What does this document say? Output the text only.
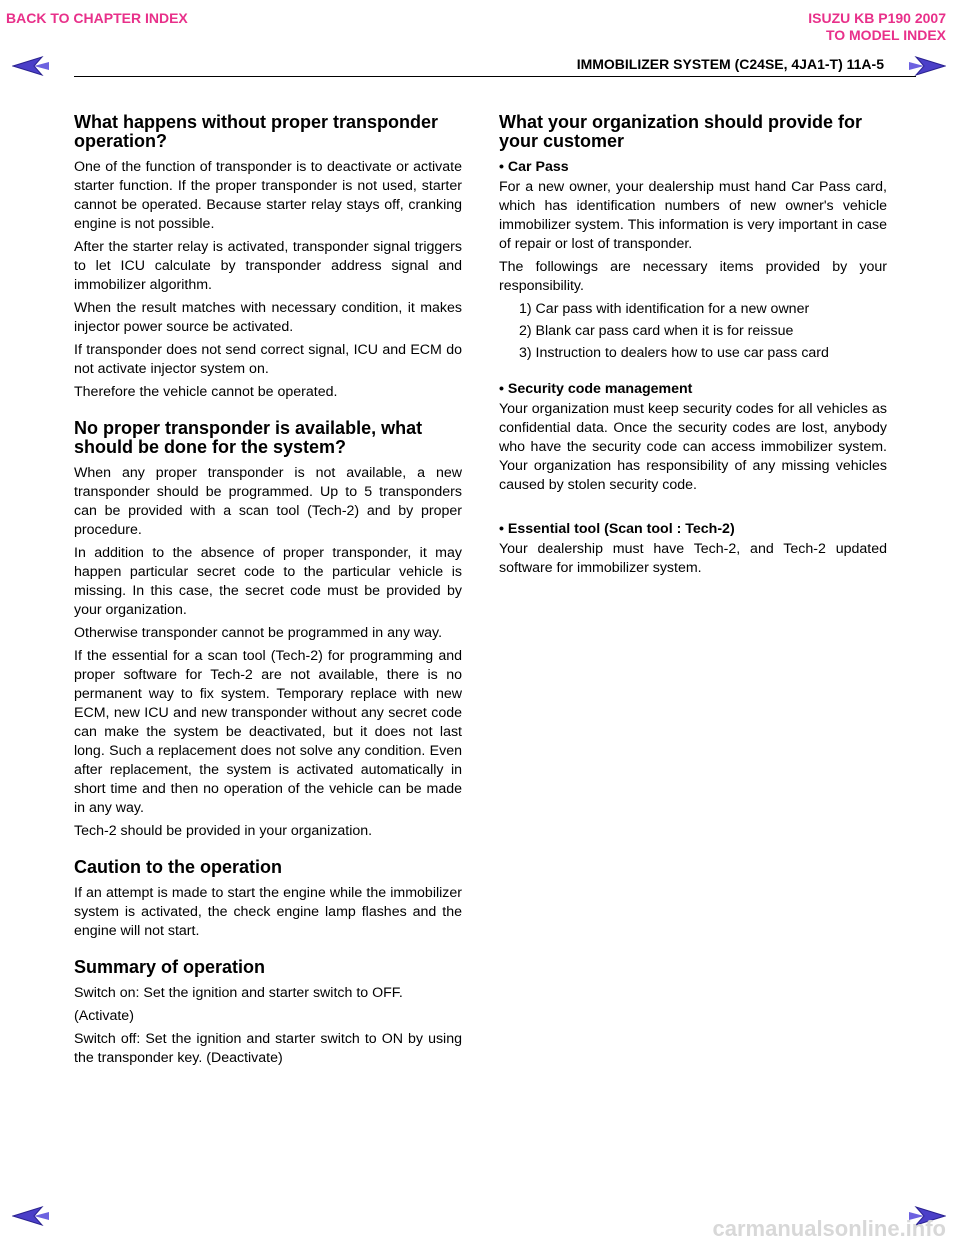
BACK TO CHAPTER INDEX	ISUZU KB P190 2007
TO MODEL INDEX
IMMOBILIZER SYSTEM (C24SE, 4JA1-T) 11A-5
What happens without proper transponder operation?

One of the function of transponder is to deactivate or activate starter function. If the proper transponder is not used, starter cannot be operated. Because starter relay stays off, cranking engine is not possible.

After the starter relay is activated, transponder signal triggers to let ICU calculate by transponder address signal and immobilizer algorithm.

When the result matches with necessary condition, it makes injector power source be activated.

If transponder does not send correct signal, ICU and ECM do not activate injector system on.

Therefore the vehicle cannot be operated.

No proper transponder is available, what should be done for the system?

When any proper transponder is not available, a new transponder should be programmed. Up to 5 transponders can be provided with a scan tool (Tech-2) and by proper procedure.

In addition to the absence of proper transponder, it may happen particular secret code to the particular vehicle is missing. In this case, the secret code must be provided by your organization.

Otherwise transponder cannot be programmed in any way.

If the essential for a scan tool (Tech-2) for programming and proper software for Tech-2 are not available, there is no permanent way to fix system. Temporary replace with new ECM, new ICU and new transponder without any secret code can make the system be deactivated, but it does not last long. Such a replacement does not solve any condition. Even after replacement, the system is activated automatically in short time and then no operation of the vehicle can be made in any way.

Tech-2 should be provided in your organization.

Caution to the operation

If an attempt is made to start the engine while the immobilizer system is activated, the check engine lamp flashes and the engine will not start.

Summary of operation

Switch on: Set the ignition and starter switch to OFF.

(Activate)

Switch off: Set the ignition and starter switch to ON by using the transponder key. (Deactivate)

What your organization should provide for your customer
• Car Pass

For a new owner, your dealership must hand Car Pass card, which has identification numbers of new owner's vehicle immobilizer system. This information is very important in case of repair or lost of transponder.

The followings are necessary items provided by your responsibility.

1) Car pass with identification for a new owner
2) Blank car pass card when it is for reissue
3) Instruction to dealers how to use car pass card
• Security code management

Your organization must keep security codes for all vehicles as confidential data. Once the security codes are lost, anybody who have the security code can access immobilizer system. Your organization has responsibility of any missing vehicles caused by stolen security code.

• Essential tool (Scan tool : Tech-2)

Your dealership must have Tech-2, and Tech-2 updated software for immobilizer system.

carmanualsonline.info
